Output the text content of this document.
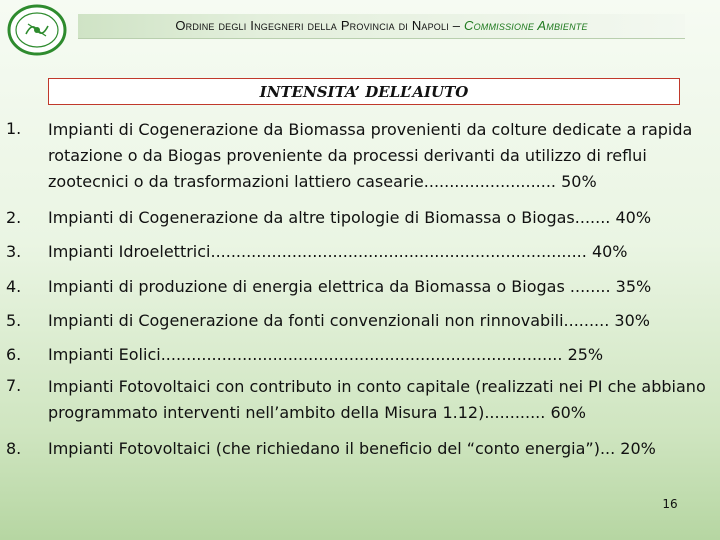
Ordine degli Ingegneri della Provincia di Napoli – Commissione Ambiente
INTENSITA’ DELL’AIUTO
1. Impianti di Cogenerazione da Biomassa provenienti da colture dedicate a rapida rotazione o da Biogas proveniente da processi derivanti da utilizzo di reflui zootecnici o da trasformazioni lattiero casearie.......................... 50%
2. Impianti di Cogenerazione da altre tipologie di Biomassa o Biogas....... 40%
3. Impianti Idroelettrici.......................................................................... 40%
4. Impianti di produzione di energia elettrica da Biomassa o Biogas ........ 35%
5. Impianti di Cogenerazione da fonti convenzionali non rinnovabili......... 30%
6. Impianti Eolici............................................................................... 25%
7. Impianti Fotovoltaici con contributo in conto capitale (realizzati nei PI che abbiano programmato interventi nell’ambito della Misura 1.12)............ 60%
8. Impianti Fotovoltaici (che richiedano il beneficio del “conto energia”)... 20%
16
